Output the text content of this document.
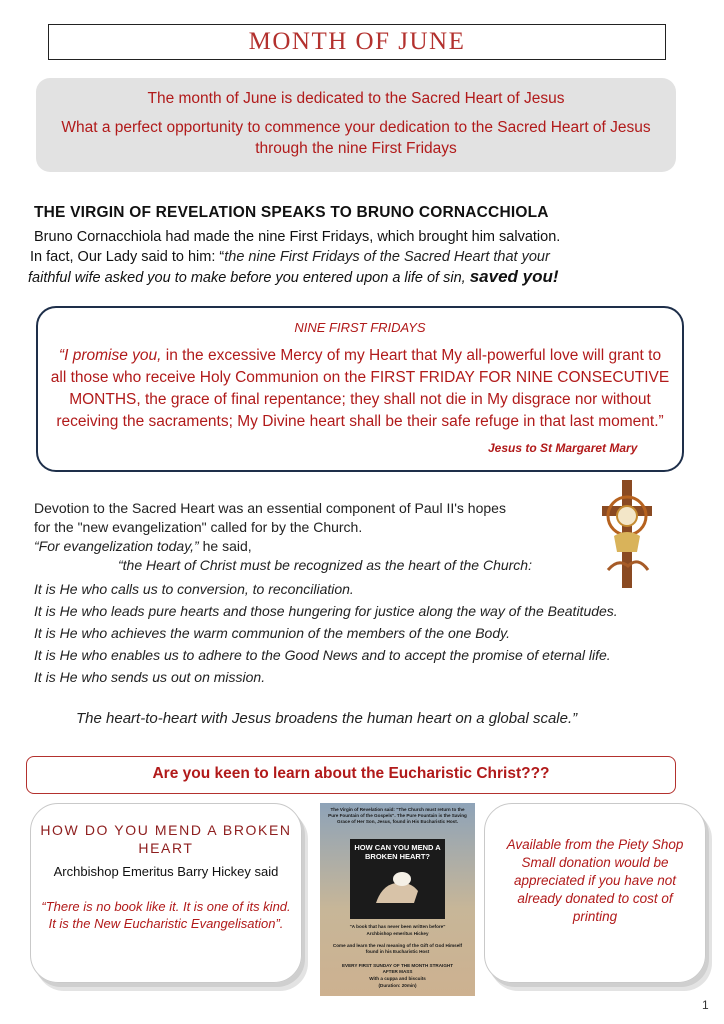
MONTH OF JUNE

The month of June is dedicated to the Sacred Heart of Jesus

What a perfect opportunity to commence your dedication to the Sacred Heart of Jesus through the nine First Fridays

THE VIRGIN OF REVELATION SPEAKS TO BRUNO CORNACCHIOLA
Bruno Cornacchiola had made the nine First Fridays, which brought him salvation.
In fact, Our Lady said to him: “the nine First Fridays of the Sacred Heart that your
faithful wife asked you to make before you entered upon a life of sin, saved you!
NINE FIRST FRIDAYS
“I promise you, in the excessive Mercy of my Heart that My all-powerful love will grant to all those who receive Holy Communion on the FIRST FRIDAY FOR NINE CONSECUTIVE MONTHS, the grace of final repentance; they shall not die in My disgrace nor without receiving the sacraments; My Divine heart shall be their safe refuge in that last moment.”
Jesus to St Margaret Mary
Devotion to the Sacred Heart was an essential component of Paul II's hopes
for the "new evangelization" called for by the Church.
“For evangelization today,” he said,
“the Heart of Christ must be recognized as the heart of the Church:
It is He who calls us to conversion, to reconciliation.
It is He who leads pure hearts and those hungering for justice along the way of the Beatitudes.
It is He who achieves the warm communion of the members of the one Body.
It is He who enables us to adhere to the Good News and to accept the promise of eternal life.
It is He who sends us out on mission.
The heart-to-heart with Jesus broadens the human heart on a global scale.”
Are you keen to learn about the Eucharistic Christ???
HOW DO YOU MEND A BROKEN HEART
Archbishop Emeritus Barry Hickey said
“There is no book like it. It is one of its kind. It is the New Eucharistic Evangelisation”.
The Virgin of Revelation said: "The Church must return to the Pure Fountain of the Gospels". The Pure Fountain is the Saving Grace of Her Son, Jesus, found in His Eucharistic Host.
HOW CAN YOU MEND A BROKEN HEART?
"A book that has never been written before"
Archbishop emeritus Hickey
Come and learn the real meaning of the Gift of God Himself found in his Eucharistic Host
EVERY FIRST SUNDAY OF THE MONTH STRAIGHT AFTER MASS
With a cuppa and biscuits
(Duration: 20min)
Available from the Piety Shop Small donation would be appreciated if you have not already donated to cost of printing
1
